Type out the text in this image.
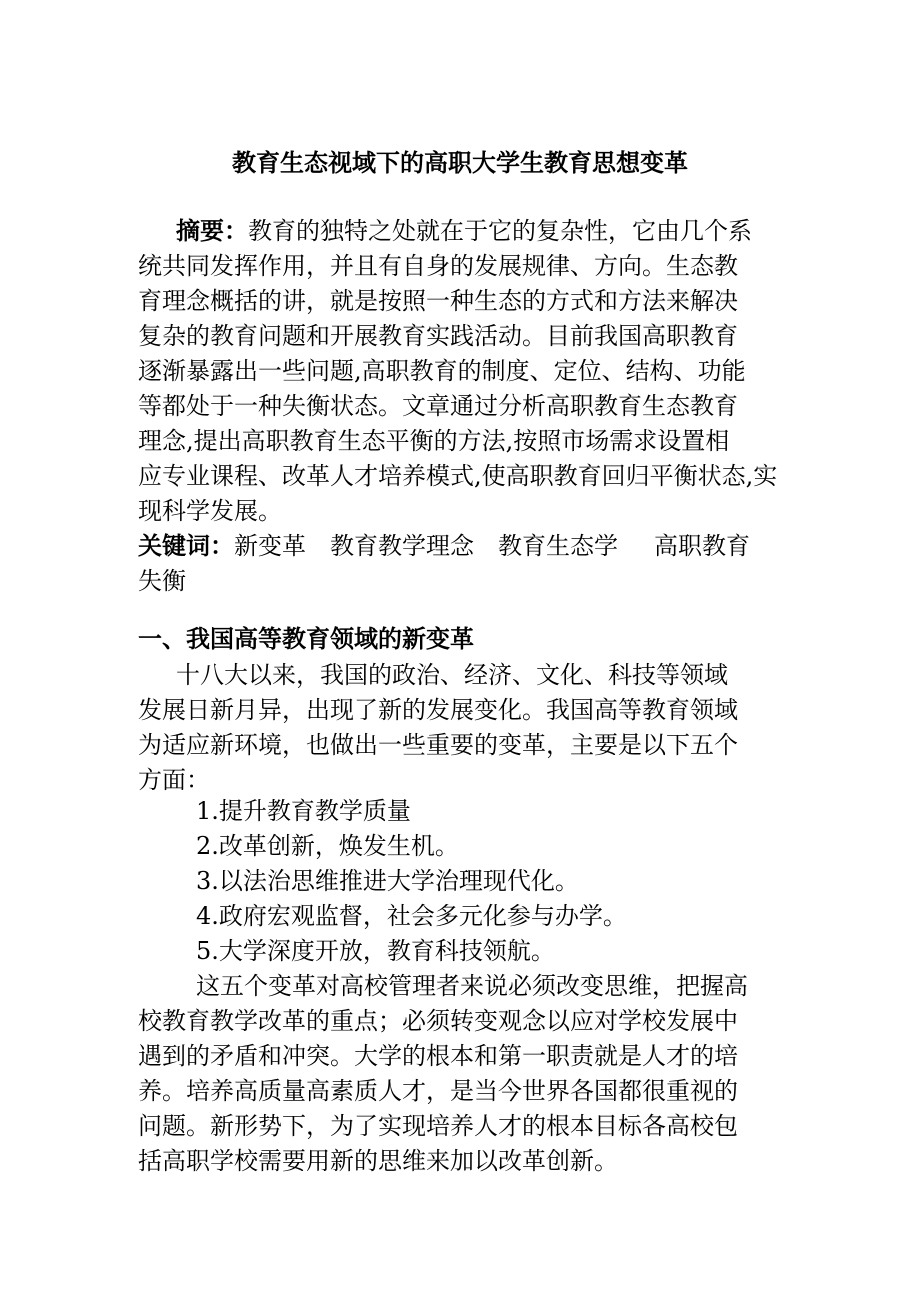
教育生态视域下的高职大学生教育思想变革
摘要：教育的独特之处就在于它的复杂性，它由几个系
统共同发挥作用，并且有自身的发展规律、方向。生态教
育理念概括的讲，就是按照一种生态的方式和方法来解决
复杂的教育问题和开展教育实践活动。目前我国高职教育
逐渐暴露出一些问题,高职教育的制度、定位、结构、功能
等都处于一种失衡状态。文章通过分析高职教育生态教育
理念,提出高职教育生态平衡的方法,按照市场需求设置相
应专业课程、改革人才培养模式,使高职教育回归平衡状态,实
现科学发展。
关键词：新变革 教育教学理念 教育生态学 高职教育
失衡
一、我国高等教育领域的新变革
十八大以来，我国的政治、经济、文化、科技等领域
发展日新月异，出现了新的发展变化。我国高等教育领域
为适应新环境，也做出一些重要的变革，主要是以下五个
方面：
1.提升教育教学质量
2.改革创新，焕发生机。
3.以法治思维推进大学治理现代化。
4.政府宏观监督，社会多元化参与办学。
5.大学深度开放，教育科技领航。
这五个变革对高校管理者来说必须改变思维，把握高
校教育教学改革的重点；必须转变观念以应对学校发展中
遇到的矛盾和冲突。大学的根本和第一职责就是人才的培
养。培养高质量高素质人才，是当今世界各国都很重视的
问题。新形势下，为了实现培养人才的根本目标各高校包
括高职学校需要用新的思维来加以改革创新。
